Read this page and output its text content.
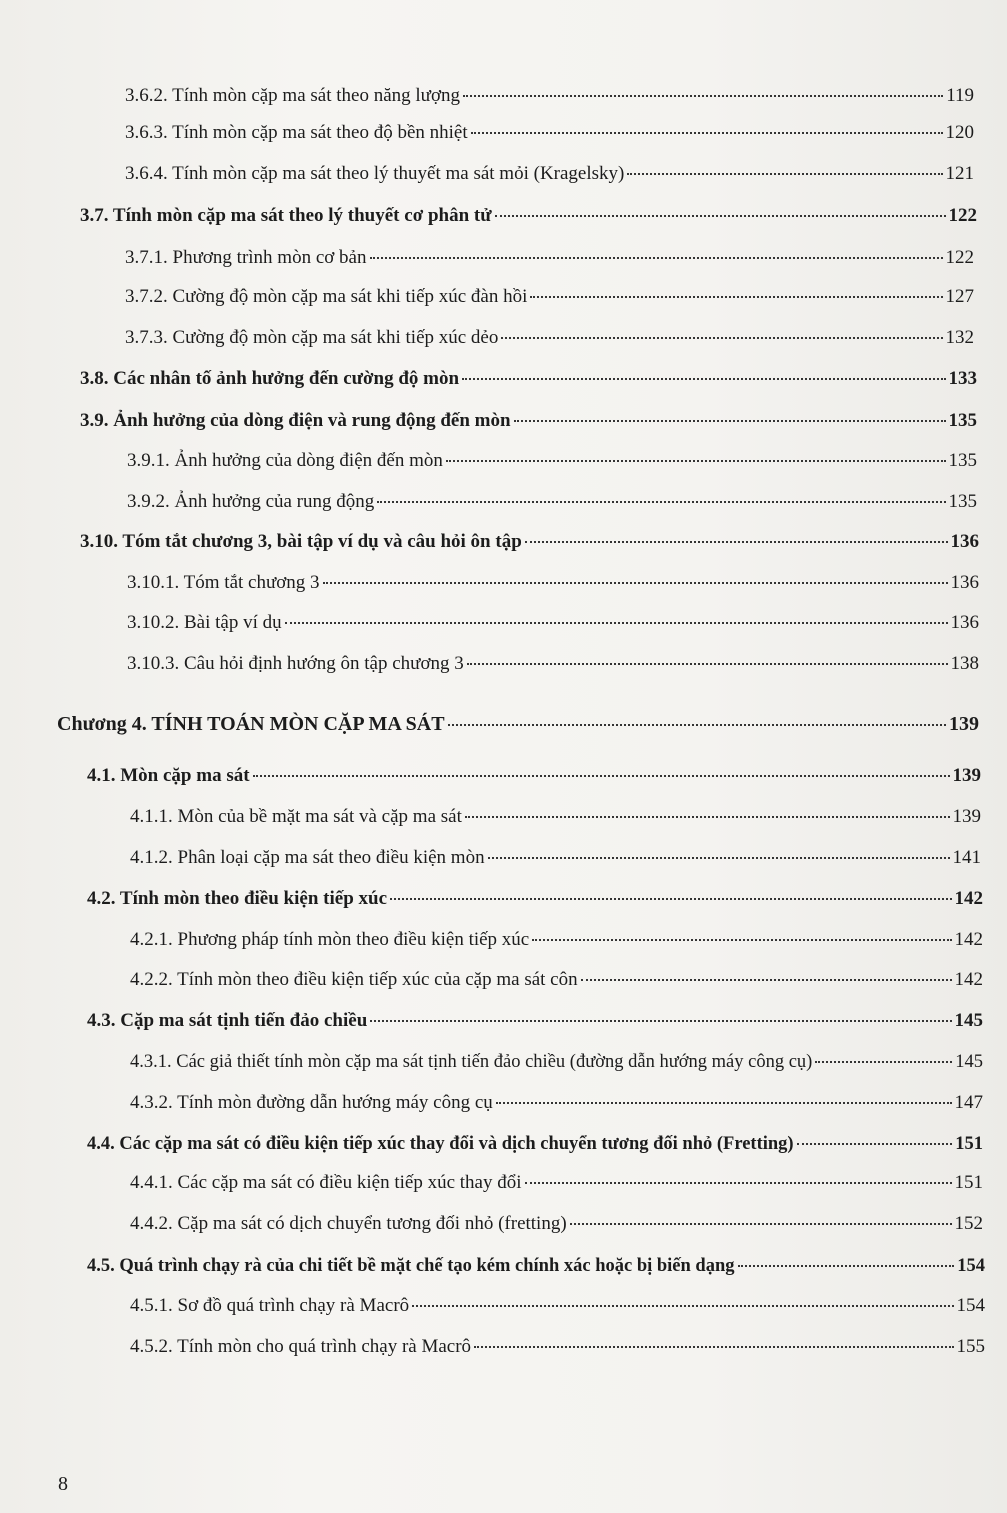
3.6.2. Tính mòn cặp ma sát theo năng lượng	119
3.6.3. Tính mòn cặp ma sát theo độ bền nhiệt	120
3.6.4. Tính mòn cặp ma sát theo lý thuyết ma sát mỏi (Kragelsky)	121
3.7. Tính mòn cặp ma sát theo lý thuyết cơ phân tử	122
3.7.1. Phương trình mòn cơ bản	122
3.7.2. Cường độ mòn cặp ma sát khi tiếp xúc đàn hồi	127
3.7.3. Cường độ mòn cặp ma sát khi tiếp xúc dẻo	132
3.8. Các nhân tố ảnh hưởng đến cường độ mòn	133
3.9. Ảnh hưởng của dòng điện và rung động đến mòn	135
3.9.1. Ảnh hưởng của dòng điện đến mòn	135
3.9.2. Ảnh hưởng của rung động	135
3.10. Tóm tắt chương 3, bài tập ví dụ và câu hỏi ôn tập	136
3.10.1. Tóm tắt chương 3	136
3.10.2. Bài tập ví dụ	136
3.10.3. Câu hỏi định hướng ôn tập chương 3	138
Chương 4. TÍNH TOÁN MÒN CẶP MA SÁT	139
4.1. Mòn cặp ma sát	139
4.1.1. Mòn của bề mặt ma sát và cặp ma sát	139
4.1.2. Phân loại cặp ma sát theo điều kiện mòn	141
4.2. Tính mòn theo điều kiện tiếp xúc	142
4.2.1. Phương pháp tính mòn theo điều kiện tiếp xúc	142
4.2.2. Tính mòn theo điều kiện tiếp xúc của cặp ma sát côn	142
4.3. Cặp ma sát tịnh tiến đảo chiều	145
4.3.1. Các giả thiết tính mòn cặp ma sát tịnh tiến đảo chiều (đường dẫn hướng máy công cụ)	145
4.3.2. Tính mòn đường dẫn hướng máy công cụ	147
4.4. Các cặp ma sát có điều kiện tiếp xúc thay đổi và dịch chuyển tương đối nhỏ (Fretting)	151
4.4.1. Các cặp ma sát có điều kiện tiếp xúc thay đổi	151
4.4.2. Cặp ma sát có dịch chuyển tương đối nhỏ (fretting)	152
4.5. Quá trình chạy rà của chi tiết bề mặt chế tạo kém chính xác hoặc bị biến dạng	154
4.5.1. Sơ đồ quá trình chạy rà Macrô	154
4.5.2. Tính mòn cho quá trình chạy rà Macrô	155
8
